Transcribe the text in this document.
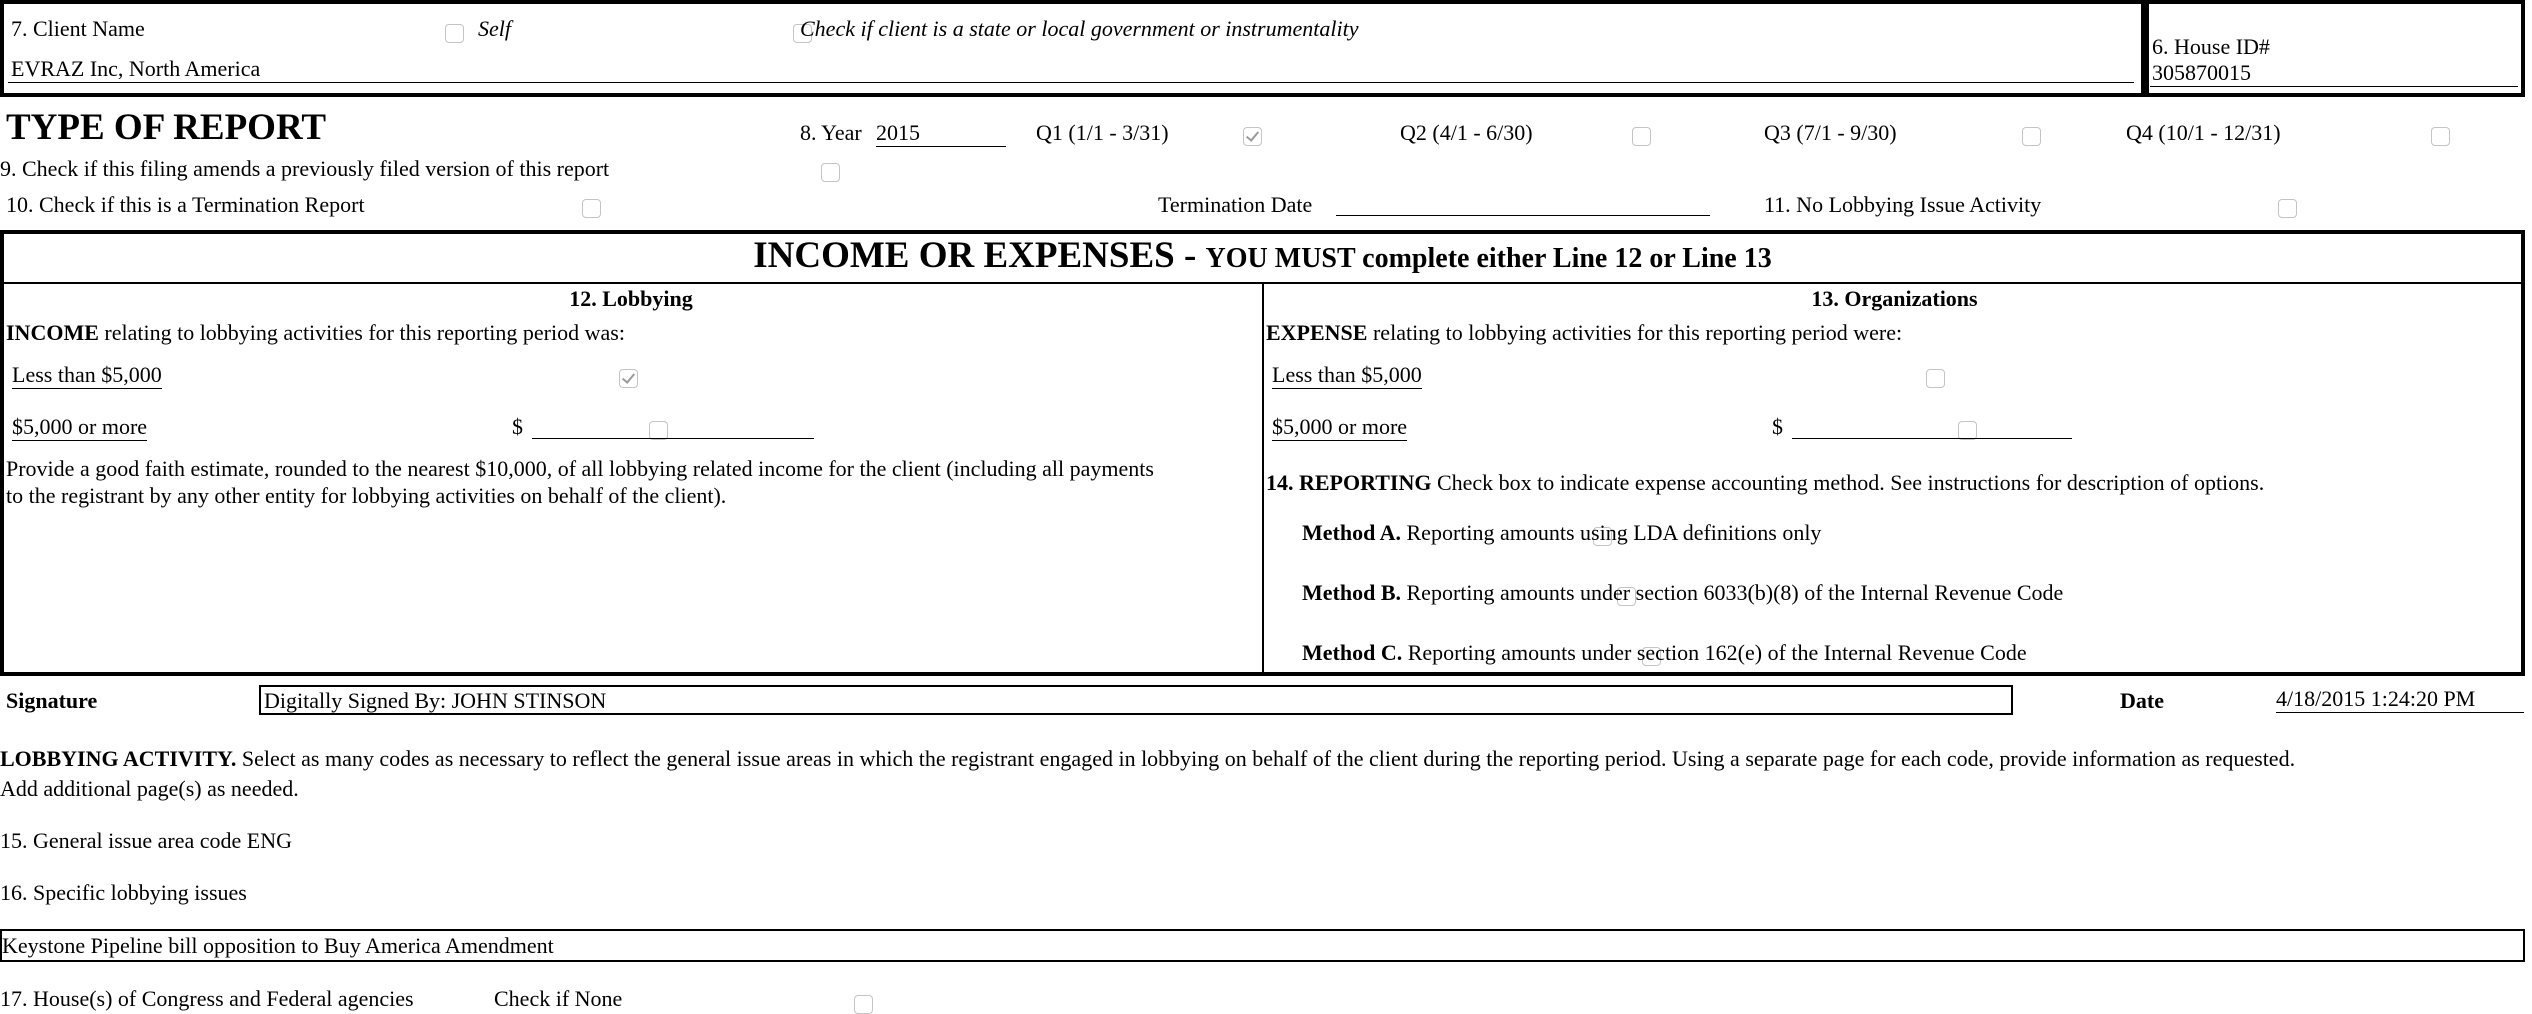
7. Client Name
	Self
	Check if client is a state or local government or instrumentality
EVRAZ Inc, North America
6. House ID#
305870015
TYPE OF REPORT	8. Year 2015	Q1 (1/1 - 3/31)
	Q2 (4/1 - 6/30)
	Q3 (7/1 - 9/30)
	Q4 (10/1 - 12/31)

9. Check if this filing amends a previously filed version of this report

10. Check if this is a Termination Report
	Termination Date	11. No Lobbying Issue Activity

INCOME OR EXPENSES - YOU MUST complete either Line 12 or Line 13
12. Lobbying
INCOME relating to lobbying activities for this reporting period was:
Less than $5,000

$5,000 or more
	$
Provide a good faith estimate, rounded to the nearest $10,000, of all lobbying related income for the client (including all payments
to the registrant by any other entity for lobbying activities on behalf of the client).
13. Organizations
EXPENSE relating to lobbying activities for this reporting period were:
Less than $5,000

$5,000 or more
	$
14. REPORTING Check box to indicate expense accounting method. See instructions for description of options.

Method A. Reporting amounts using LDA definitions only

Method B. Reporting amounts under section 6033(b)(8) of the Internal Revenue Code

Method C. Reporting amounts under section 162(e) of the Internal Revenue Code
Signature	Digitally Signed By: JOHN STINSON	Date	4/18/2015 1:24:20 PM
LOBBYING ACTIVITY. Select as many codes as necessary to reflect the general issue areas in which the registrant engaged in lobbying on behalf of the client during the reporting period. Using a separate page for each code, provide information as requested.
Add additional page(s) as needed.
15. General issue area code ENG
16. Specific lobbying issues
Keystone Pipeline bill opposition to Buy America Amendment
17. House(s) of Congress and Federal agencies	Check if None
